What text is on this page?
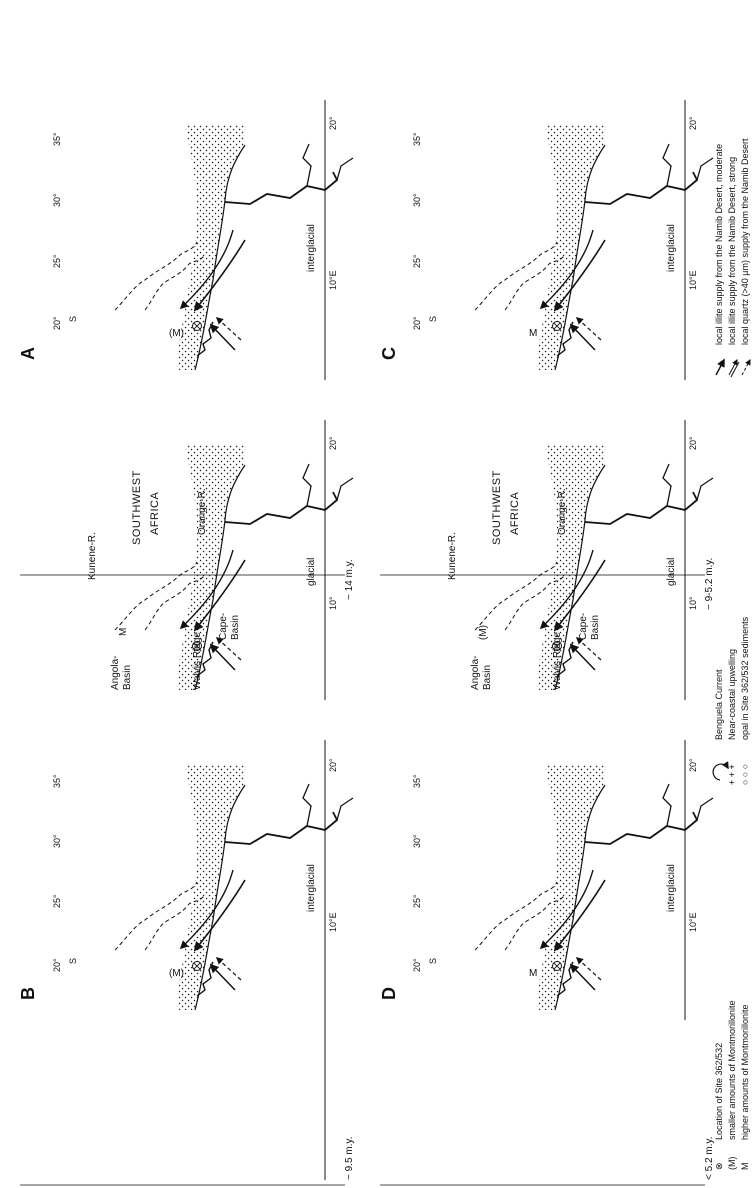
A
20° S
25°
30°
35°
(M)
10°E
20°
interglacial
Angola- Basin
Kunene-R.
SOUTHWEST AFRICA	Orange-R.
Walvis Ridge
Cape- Basin
M
10°
20°
glacial	~ 14 m.y.
B
20° S
25°
30°
35°
(M)
10°E
20°
interglacial
~ 9.5 m.y.
C
20° S
25°
30°
35°
M
10°E
20°
interglacial
Angola- Basin
Kunene-R.
SOUTHWEST AFRICA	Orange-R.
Walvis Ridge
Cape- Basin
(M)
10°
20°
glacial	~ 9-5.2 m.y.
D
20° S
25°
30°
35°
M
10°E
20°
interglacial
< 5.2 m.y. ⊗
Location of Site 362/532
(M)
smaller amounts of Montmorillonite
M
higher amounts of Montmorillonite
Benguela Current
+ + +
Near-coastal upwelling
○ ○ ○
opal in Site 362/532 sediments
local illite supply from the Namib Desert, moderate local illite supply from the Namib Desert, strong local quartz (>40 µm) supply from the Namib Desert
